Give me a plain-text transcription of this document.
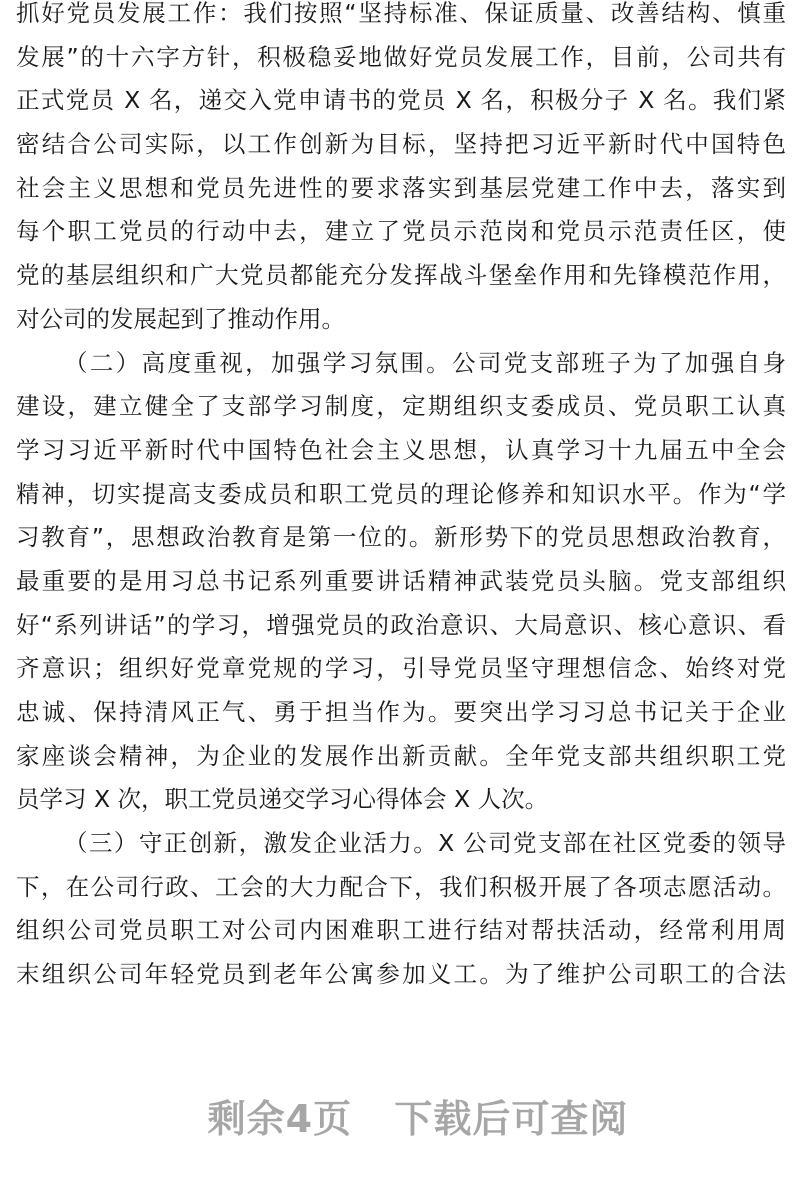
抓好党员发展工作：我们按照“坚持标准、保证质量、改善结构、慎重
发展”的十六字方针，积极稳妥地做好党员发展工作，目前，公司共有
正式党员 X 名，递交入党申请书的党员 X 名，积极分子 X 名。我们紧
密结合公司实际，以工作创新为目标，坚持把习近平新时代中国特色
社会主义思想和党员先进性的要求落实到基层党建工作中去，落实到
每个职工党员的行动中去，建立了党员示范岗和党员示范责任区，使
党的基层组织和广大党员都能充分发挥战斗堡垒作用和先锋模范作用，
对公司的发展起到了推动作用。
（二）高度重视，加强学习氛围。公司党支部班子为了加强自身
建设，建立健全了支部学习制度，定期组织支委成员、党员职工认真
学习习近平新时代中国特色社会主义思想，认真学习十九届五中全会
精神，切实提高支委成员和职工党员的理论修养和知识水平。作为“学
习教育”，思想政治教育是第一位的。新形势下的党员思想政治教育，
最重要的是用习总书记系列重要讲话精神武装党员头脑。党支部组织
好“系列讲话”的学习，增强党员的政治意识、大局意识、核心意识、看
齐意识；组织好党章党规的学习，引导党员坚守理想信念、始终对党
忠诚、保持清风正气、勇于担当作为。要突出学习习总书记关于企业
家座谈会精神，为企业的发展作出新贡献。全年党支部共组织职工党
员学习 X 次，职工党员递交学习心得体会 X 人次。
（三）守正创新，激发企业活力。X 公司党支部在社区党委的领导
下，在公司行政、工会的大力配合下，我们积极开展了各项志愿活动。
组织公司党员职工对公司内困难职工进行结对帮扶活动，经常利用周
末组织公司年轻党员到老年公寓参加义工。为了维护公司职工的合法
剩余4页 下载后可查阅
